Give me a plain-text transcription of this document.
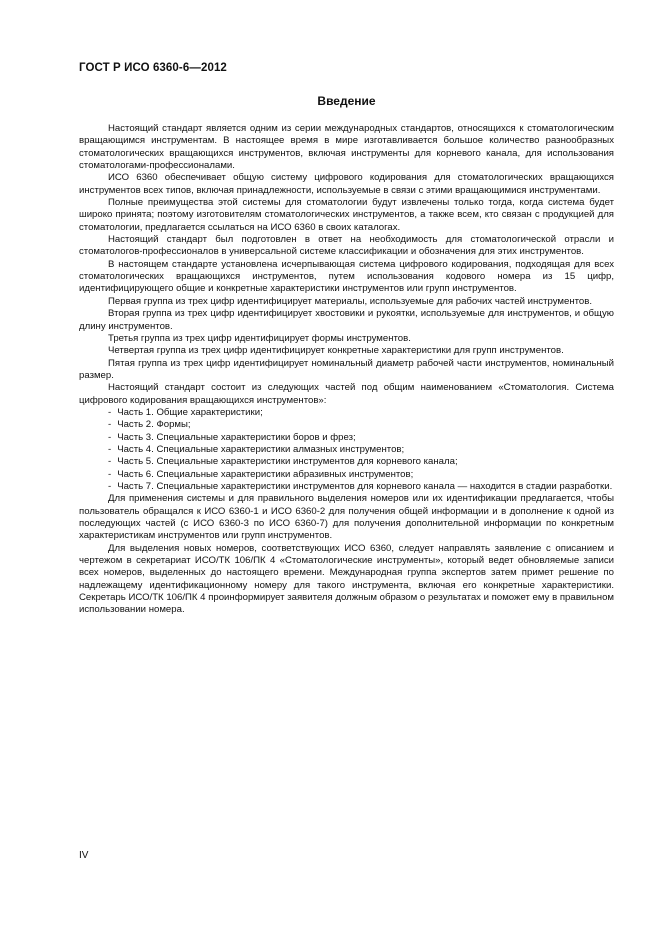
ГОСТ Р ИСО 6360-6—2012
Введение

Настоящий стандарт является одним из серии международных стандартов, относящихся к стоматологическим вращающимся инструментам. В настоящее время в мире изготавливается большое количество разнообразных стоматологических вращающихся инструментов, включая инструменты для корневого канала, для использования стоматологами-профессионалами.

ИСО 6360 обеспечивает общую систему цифрового кодирования для стоматологических вращающихся инструментов всех типов, включая принадлежности, используемые в связи с этими вращающимися инструментами.

Полные преимущества этой системы для стоматологии будут извлечены только тогда, когда система будет широко принята; поэтому изготовителям стоматологических инструментов, а также всем, кто связан с продукцией для стоматологии, предлагается ссылаться на ИСО 6360 в своих каталогах.

Настоящий стандарт был подготовлен в ответ на необходимость для стоматологической отрасли и стоматологов-профессионалов в универсальной системе классификации и обозначения для этих инструментов.

В настоящем стандарте установлена исчерпывающая система цифрового кодирования, подходящая для всех стоматологических вращающихся инструментов, путем использования кодового номера из 15 цифр, идентифицирующего общие и конкретные характеристики инструментов или групп инструментов.

Первая группа из трех цифр идентифицирует материалы, используемые для рабочих частей инструментов.

Вторая группа из трех цифр идентифицирует хвостовики и рукоятки, используемые для инструментов, и общую длину инструментов.

Третья группа из трех цифр идентифицирует формы инструментов.

Четвертая группа из трех цифр идентифицирует конкретные характеристики для групп инструментов.

Пятая группа из трех цифр идентифицирует номинальный диаметр рабочей части инструментов, номинальный размер.

Настоящий стандарт состоит из следующих частей под общим наименованием «Стоматология. Система цифрового кодирования вращающихся инструментов»:

- Часть 1. Общие характеристики;
- Часть 2. Формы;
- Часть 3. Специальные характеристики боров и фрез;
- Часть 4. Специальные характеристики алмазных инструментов;
- Часть 5. Специальные характеристики инструментов для корневого канала;
- Часть 6. Специальные характеристики абразивных инструментов;
- Часть 7. Специальные характеристики инструментов для корневого канала — находится в стадии разработки.

Для применения системы и для правильного выделения номеров или их идентификации предлагается, чтобы пользователь обращался к ИСО 6360-1 и ИСО 6360-2 для получения общей информации и в дополнение к одной из последующих частей (с ИСО 6360-3 по ИСО 6360-7) для получения дополнительной информации по конкретным характеристикам инструментов или групп инструментов.

Для выделения новых номеров, соответствующих ИСО 6360, следует направлять заявление с описанием и чертежом в секретариат ИСО/ТК 106/ПК 4 «Стоматологические инструменты», который ведет обновляемые записи всех номеров, выделенных до настоящего времени. Международная группа экспертов затем примет решение по надлежащему идентификационному номеру для такого инструмента, включая его конкретные характеристики. Секретарь ИСО/ТК 106/ПК 4 проинформирует заявителя должным образом о результатах и поможет ему в правильном использовании номера.

IV
